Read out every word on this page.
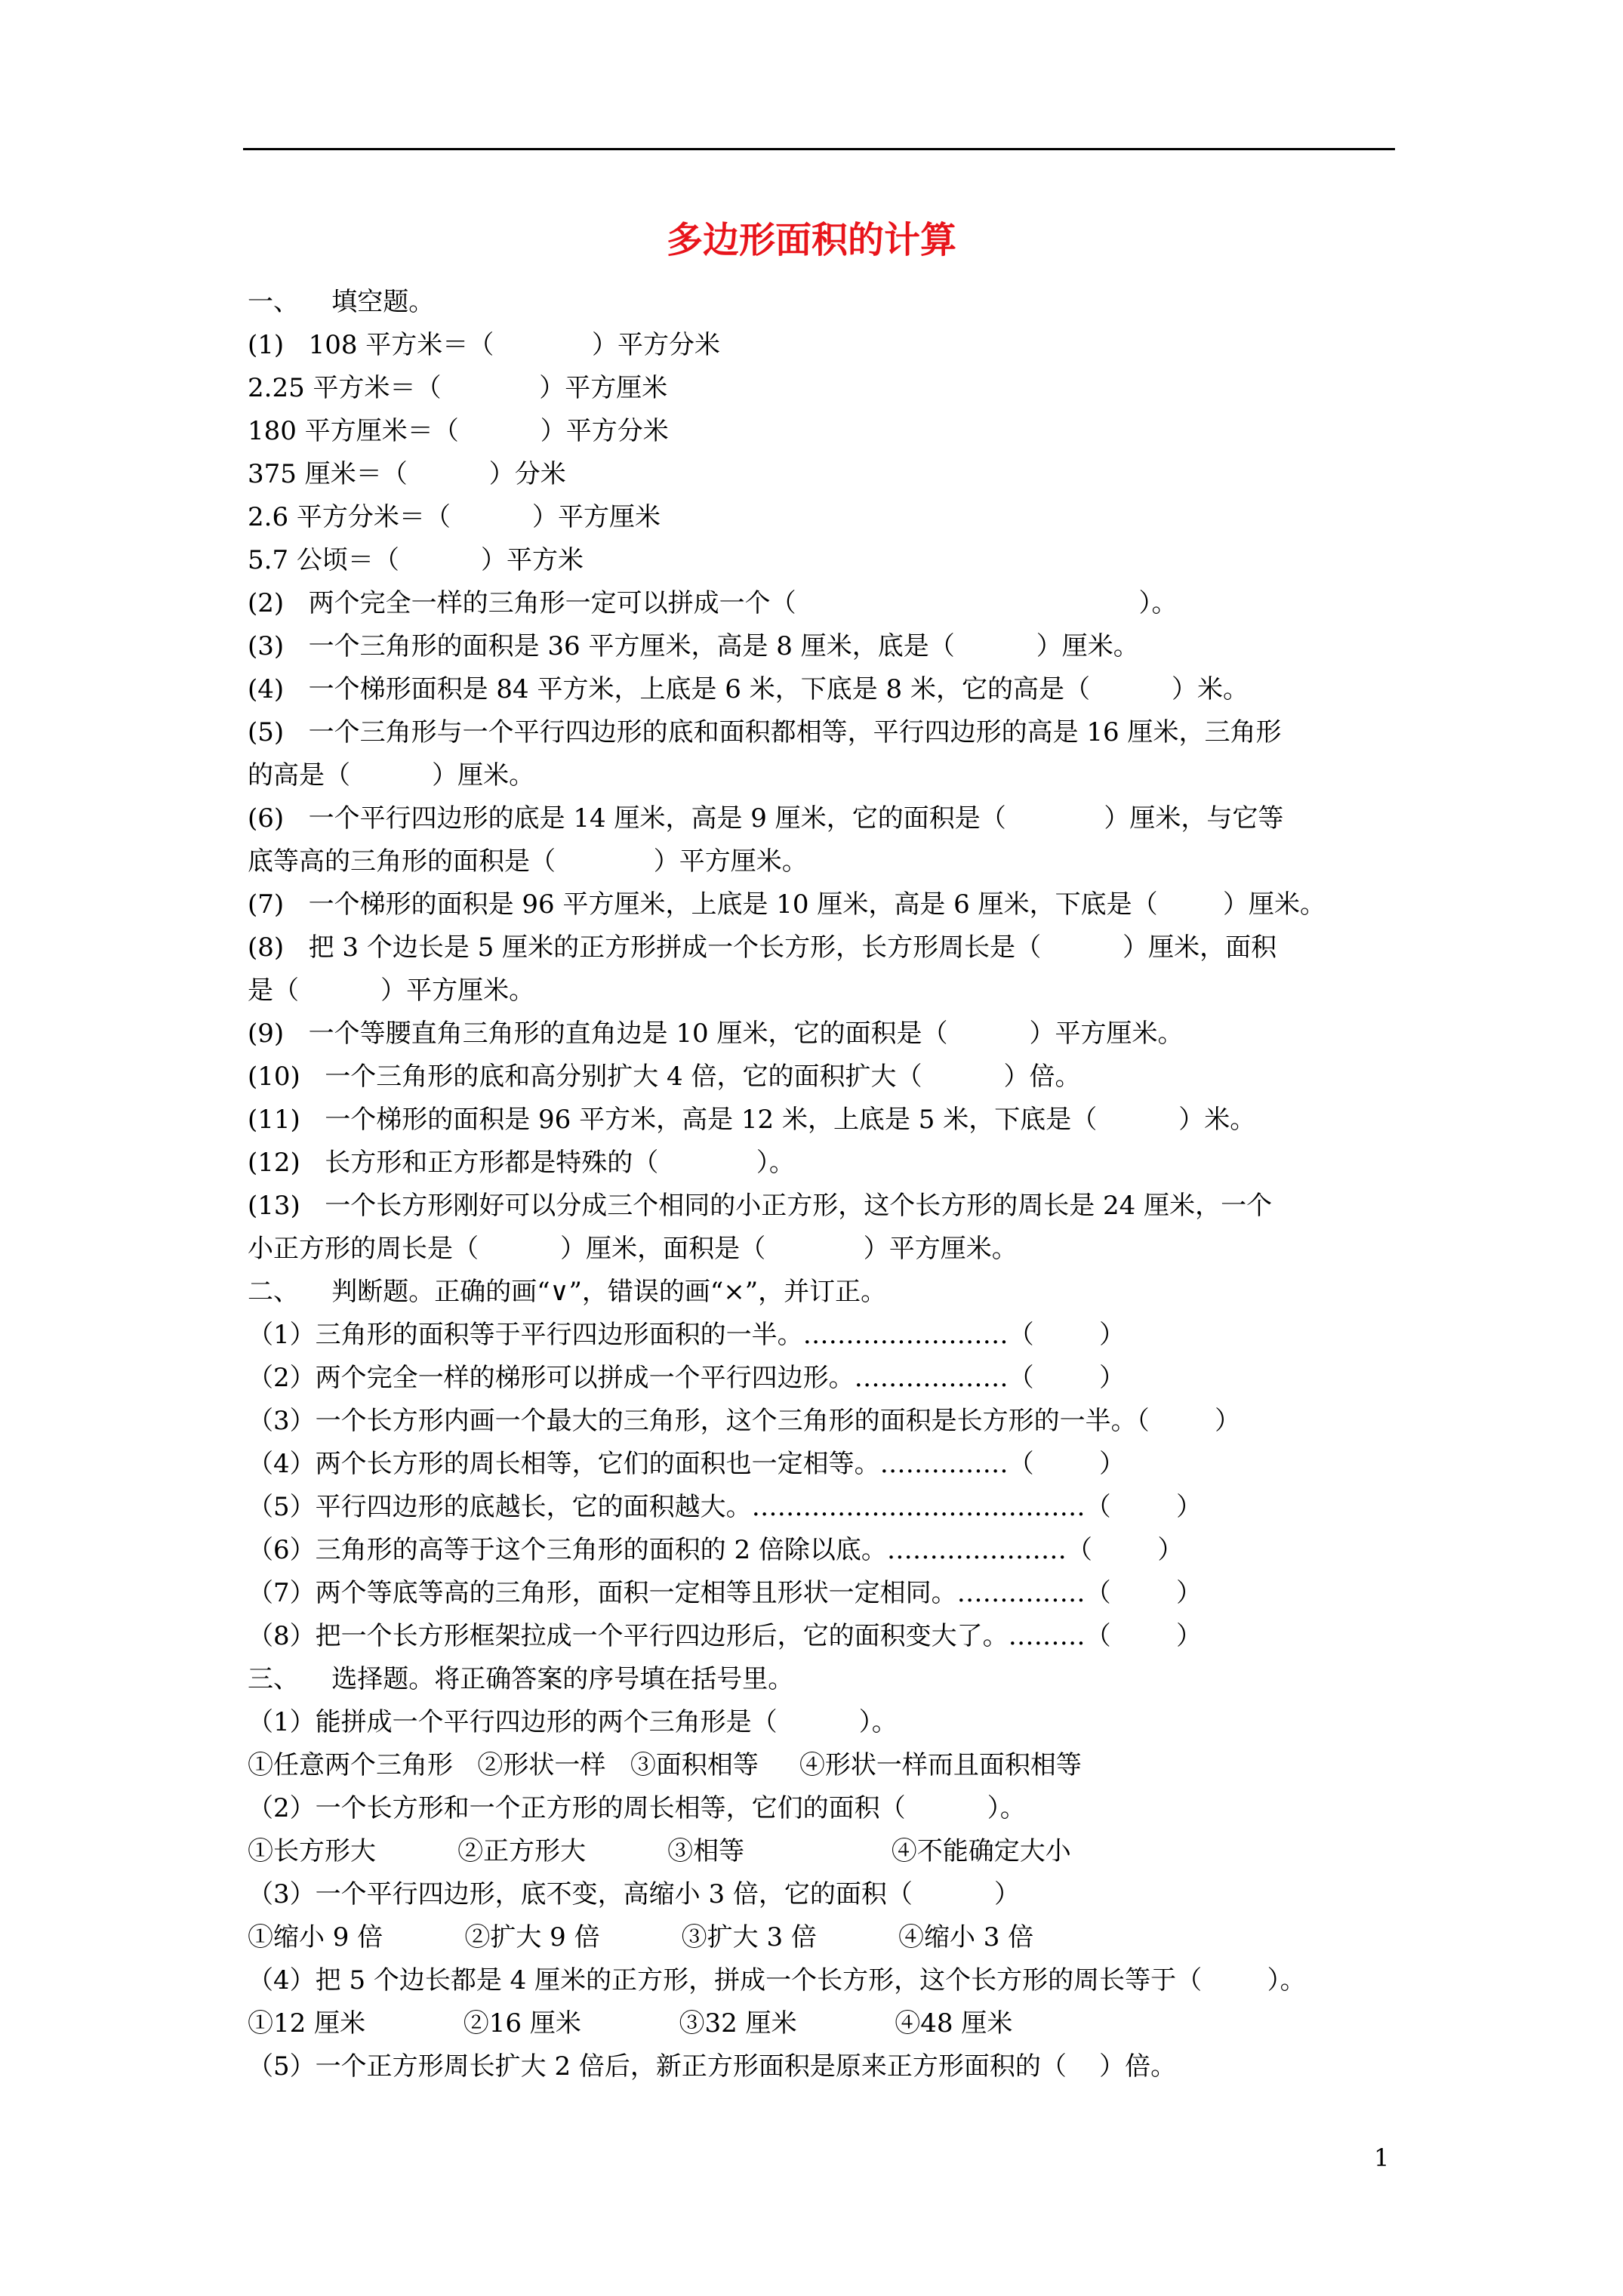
多边形面积的计算
一、    填空题。
(1)   108 平方米＝（            ）平方分米
2.25 平方米＝（            ）平方厘米
180 平方厘米＝（          ）平方分米
375 厘米＝（          ）分米
2.6 平方分米＝（          ）平方厘米
5.7 公顷＝（          ）平方米
(2)   两个完全一样的三角形一定可以拼成一个（                                          ）。
(3)   一个三角形的面积是 36 平方厘米，高是 8 厘米，底是（          ）厘米。
(4)   一个梯形面积是 84 平方米，上底是 6 米，下底是 8 米，它的高是（          ）米。
(5)   一个三角形与一个平行四边形的底和面积都相等，平行四边形的高是 16 厘米，三角形
的高是（          ）厘米。
(6)   一个平行四边形的底是 14 厘米，高是 9 厘米，它的面积是（            ）厘米，与它等
底等高的三角形的面积是（            ）平方厘米。
(7)   一个梯形的面积是 96 平方厘米，上底是 10 厘米，高是 6 厘米，下底是（        ）厘米。
(8)   把 3 个边长是 5 厘米的正方形拼成一个长方形，长方形周长是（          ）厘米，面积
是（          ）平方厘米。
(9)   一个等腰直角三角形的直角边是 10 厘米，它的面积是（          ）平方厘米。
(10)   一个三角形的底和高分别扩大 4 倍，它的面积扩大（          ）倍。
(11)   一个梯形的面积是 96 平方米，高是 12 米，上底是 5 米，下底是（          ）米。
(12)   长方形和正方形都是特殊的（            ）。
(13)   一个长方形刚好可以分成三个相同的小正方形，这个长方形的周长是 24 厘米，一个
小正方形的周长是（          ）厘米，面积是（            ）平方厘米。
二、    判断题。正确的画“∨”，错误的画“×”，并订正。
（1）三角形的面积等于平行四边形面积的一半。……………………（        ）
（2）两个完全一样的梯形可以拼成一个平行四边形。………………（        ）
（3）一个长方形内画一个最大的三角形，这个三角形的面积是长方形的一半。（        ）
（4）两个长方形的周长相等，它们的面积也一定相等。……………（        ）
（5）平行四边形的底越长，它的面积越大。…………………………………（        ）
（6）三角形的高等于这个三角形的面积的 2 倍除以底。…………………（        ）
（7）两个等底等高的三角形，面积一定相等且形状一定相同。……………（        ）
（8）把一个长方形框架拉成一个平行四边形后，它的面积变大了。………（        ）
三、    选择题。将正确答案的序号填在括号里。
（1）能拼成一个平行四边形的两个三角形是（          ）。
①任意两个三角形   ②形状一样   ③面积相等     ④形状一样而且面积相等
（2）一个长方形和一个正方形的周长相等，它们的面积（          ）。
①长方形大          ②正方形大          ③相等                  ④不能确定大小
（3）一个平行四边形，底不变，高缩小 3 倍，它的面积（          ）
①缩小 9 倍          ②扩大 9 倍          ③扩大 3 倍          ④缩小 3 倍
（4）把 5 个边长都是 4 厘米的正方形，拼成一个长方形，这个长方形的周长等于（        ）。
①12 厘米            ②16 厘米            ③32 厘米            ④48 厘米
（5）一个正方形周长扩大 2 倍后，新正方形面积是原来正方形面积的（    ）倍。
1
